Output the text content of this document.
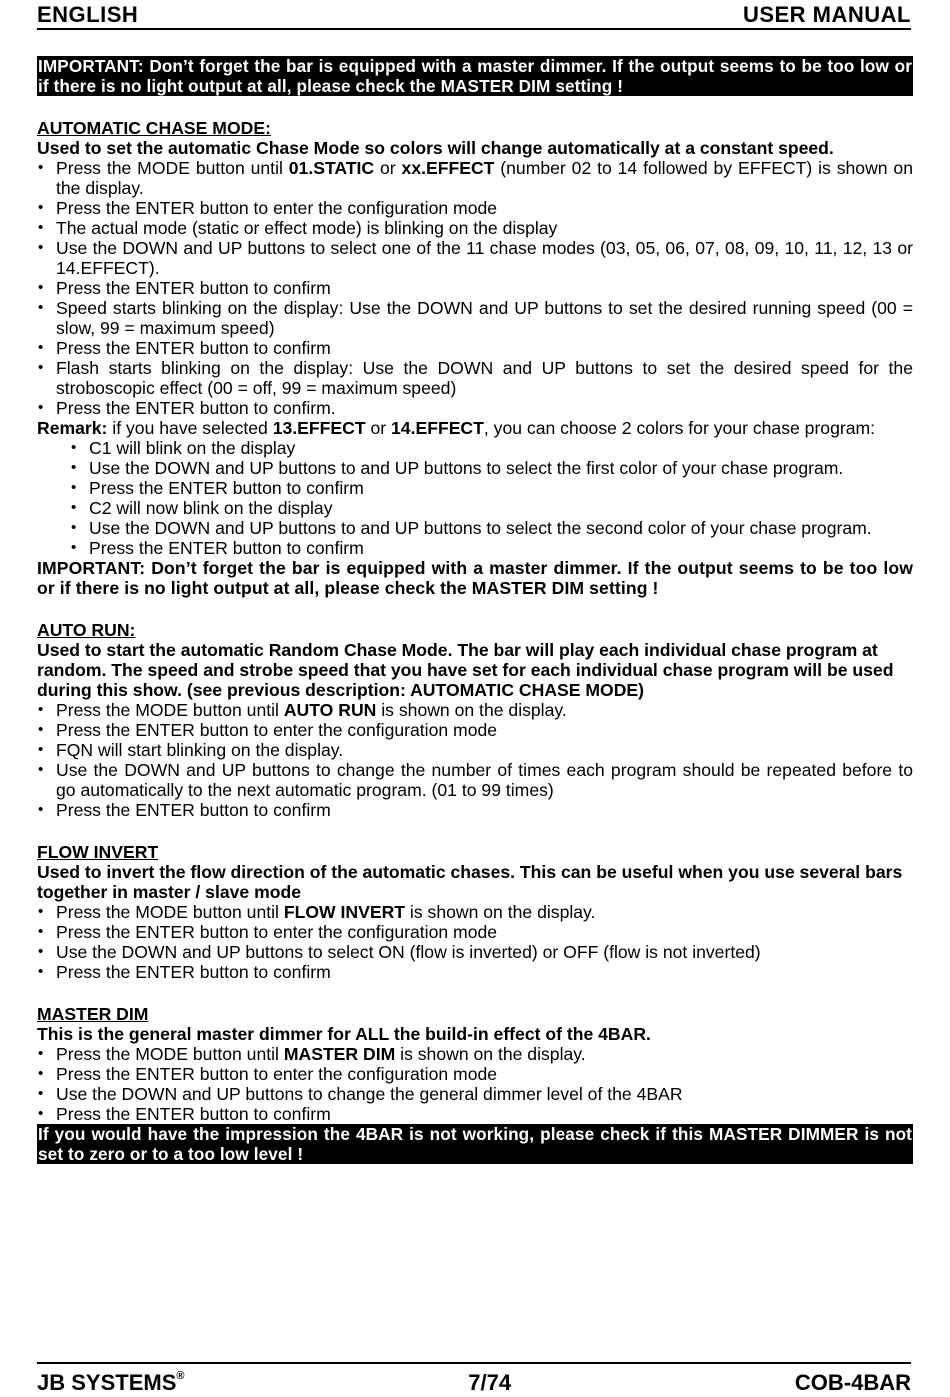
ENGLISH	USER MANUAL
IMPORTANT: Don’t forget the bar is equipped with a master dimmer. If the output seems to be too low or if there is no light output at all, please check the MASTER DIM setting !
AUTOMATIC CHASE MODE:
Used to set the automatic Chase Mode so colors will change automatically at a constant speed.
• Press the MODE button until 01.STATIC or xx.EFFECT (number 02 to 14 followed by EFFECT) is shown on the display.
• Press the ENTER button to enter the configuration mode
• The actual mode (static or effect mode) is blinking on the display
• Use the DOWN and UP buttons to select one of the 11 chase modes (03, 05, 06, 07, 08, 09, 10, 11, 12, 13 or 14.EFFECT).
• Press the ENTER button to confirm
• Speed starts blinking on the display: Use the DOWN and UP buttons to set the desired running speed (00 = slow, 99 = maximum speed)
• Press the ENTER button to confirm
• Flash starts blinking on the display: Use the DOWN and UP buttons to set the desired speed for the stroboscopic effect (00 = off, 99 = maximum speed)
• Press the ENTER button to confirm.
Remark: if you have selected 13.EFFECT or 14.EFFECT, you can choose 2 colors for your chase program:
• C1 will blink on the display
• Use the DOWN and UP buttons to and UP buttons to select the first color of your chase program.
• Press the ENTER button to confirm
• C2 will now blink on the display
• Use the DOWN and UP buttons to and UP buttons to select the second color of your chase program.
• Press the ENTER button to confirm
IMPORTANT: Don’t forget the bar is equipped with a master dimmer. If the output seems to be too low or if there is no light output at all, please check the MASTER DIM setting !
AUTO RUN:
Used to start the automatic Random Chase Mode. The bar will play each individual chase program at random. The speed and strobe speed that you have set for each individual chase program will be used during this show. (see previous description: AUTOMATIC CHASE MODE)
• Press the MODE button until AUTO RUN is shown on the display.
• Press the ENTER button to enter the configuration mode
• FQN will start blinking on the display.
• Use the DOWN and UP buttons to change the number of times each program should be repeated before to go automatically to the next automatic program. (01 to 99 times)
• Press the ENTER button to confirm
FLOW INVERT
Used to invert the flow direction of the automatic chases. This can be useful when you use several bars together in master / slave mode
• Press the MODE button until FLOW INVERT is shown on the display.
• Press the ENTER button to enter the configuration mode
• Use the DOWN and UP buttons to select ON (flow is inverted) or OFF (flow is not inverted)
• Press the ENTER button to confirm
MASTER DIM
This is the general master dimmer for ALL the build-in effect of the 4BAR.
• Press the MODE button until MASTER DIM is shown on the display.
• Press the ENTER button to enter the configuration mode
• Use the DOWN and UP buttons to change the general dimmer level of the 4BAR
• Press the ENTER button to confirm
If you would have the impression the 4BAR is not working, please check if this MASTER DIMMER is not set to zero or to a too low level !
JB SYSTEMS®	7/74	COB-4BAR
